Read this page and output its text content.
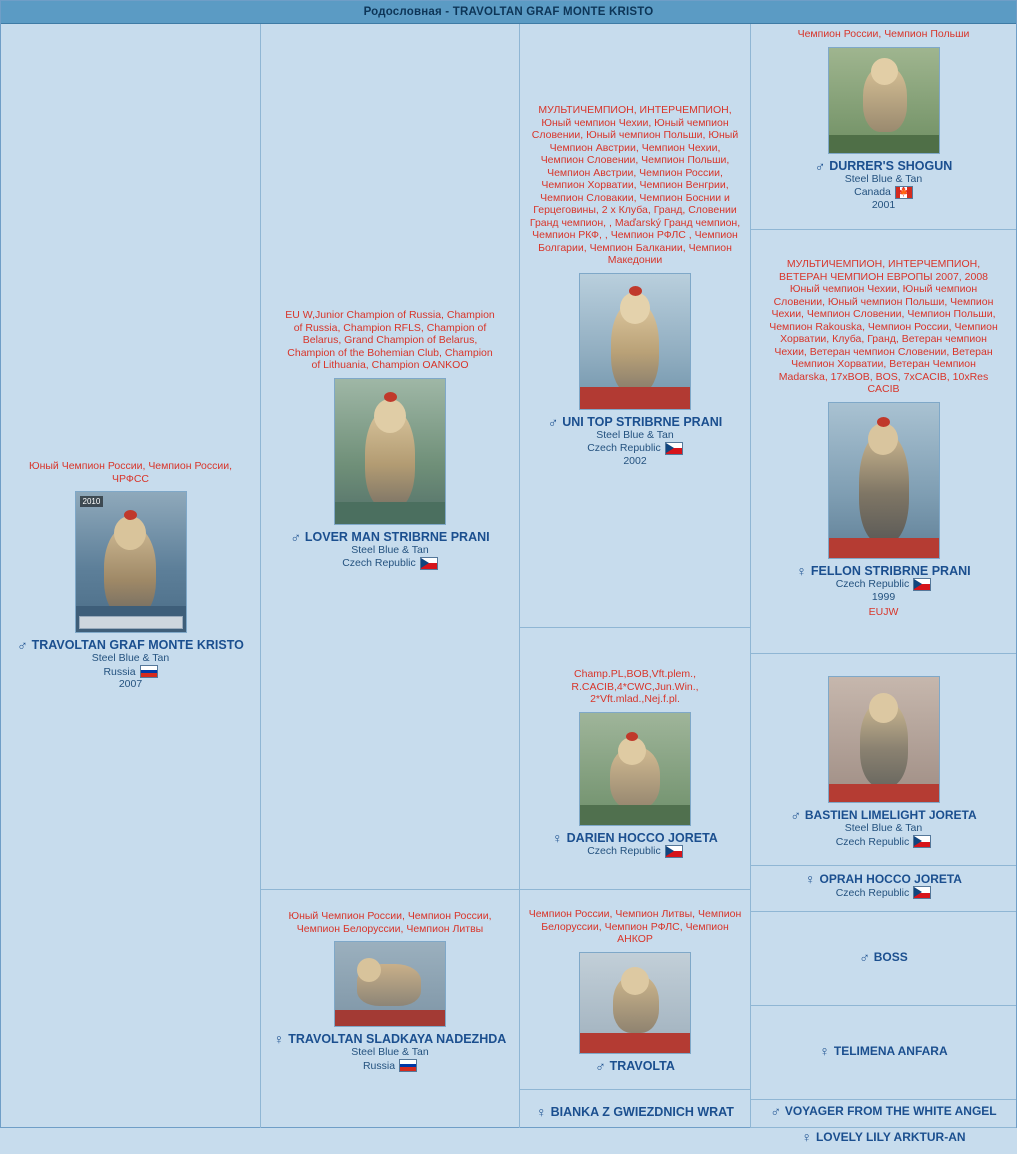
Родословная - TRAVOLTAN GRAF MONTE KRISTO
Юный Чемпион России, Чемпион России, ЧРФСС
2010
♂ TRAVOLTAN GRAF MONTE KRISTO
Steel Blue & Tan
Russia
2007
EU W,Junior Champion of Russia, Champion of Russia, Champion RFLS, Champion of Belarus, Grand Champion of Belarus, Champion of the Bohemian Club, Champion of Lithuania, Champion OANKOO
♂ LOVER MAN STRIBRNE PRANI
Steel Blue & Tan
Czech Republic
Юный Чемпион России, Чемпион России, Чемпион Белоруссии, Чемпион Литвы
♀ TRAVOLTAN SLADKAYA NADEZHDA
Steel Blue & Tan
Russia
МУЛЬТИЧЕМПИОН, ИНТЕРЧЕМПИОН, Юный чемпион Чехии, Юный чемпион Словении, Юный чемпион Польши, Юный Чемпион Австрии, Чемпион Чехии, Чемпион Словении, Чемпион Польши, Чемпион Австрии, Чемпион России, Чемпион Хорватии, Чемпион Венгрии, Чемпион Словакии, Чемпион Боснии и Герцеговины, 2 х Клуба, Гранд, Словении Гранд чемпион, , Maďarský Гранд чемпион, Чемпион РКФ, , Чемпион РФЛС , Чемпион Болгарии, Чемпион Балкании, Чемпион Македонии
♂ UNI TOP STRIBRNE PRANI
Steel Blue & Tan
Czech Republic
2002
Champ.PL,BOB,Vft.plem., R.CACIB,4*CWC,Jun.Win., 2*Vft.mlad.,Nej.f.pl.
♀ DARIEN HOCCO JORETA
Czech Republic
Чемпион России, Чемпион Литвы, Чемпион Белоруссии, Чемпион РФЛС, Чемпион АНКОР
♂ TRAVOLTA
♀ BIANKA Z GWIEZDNICH WRAT
Чемпион России, Чемпион Польши
♂ DURRER'S SHOGUN
Steel Blue & Tan
Canada 🍁
2001
МУЛЬТИЧЕМПИОН, ИНТЕРЧЕМПИОН, ВЕТЕРАН ЧЕМПИОН ЕВРОПЫ 2007, 2008 Юный чемпион Чехии, Юный чемпион Словении, Юный чемпион Польши, Чемпион Чехии, Чемпион Словении, Чемпион Польши, Чемпион Rakouska, Чемпион России, Чемпион Хорватии, Клуба, Гранд, Ветеран чемпион Чехии, Ветеран чемпион Словении, Ветеран Чемпион Хорватии, Ветеран Чемпион Madarska, 17xBOB, BOS, 7xCACIB, 10xRes CACIB
♀ FELLON STRIBRNE PRANI
Czech Republic
1999
EUJW
♂ BASTIEN LIMELIGHT JORETA
Steel Blue & Tan
Czech Republic
♀ OPRAH HOCCO JORETA
Czech Republic
♂ BOSS
♀ TELIMENA ANFARA
♂ VOYAGER FROM THE WHITE ANGEL
♀ LOVELY LILY ARKTUR-AN
